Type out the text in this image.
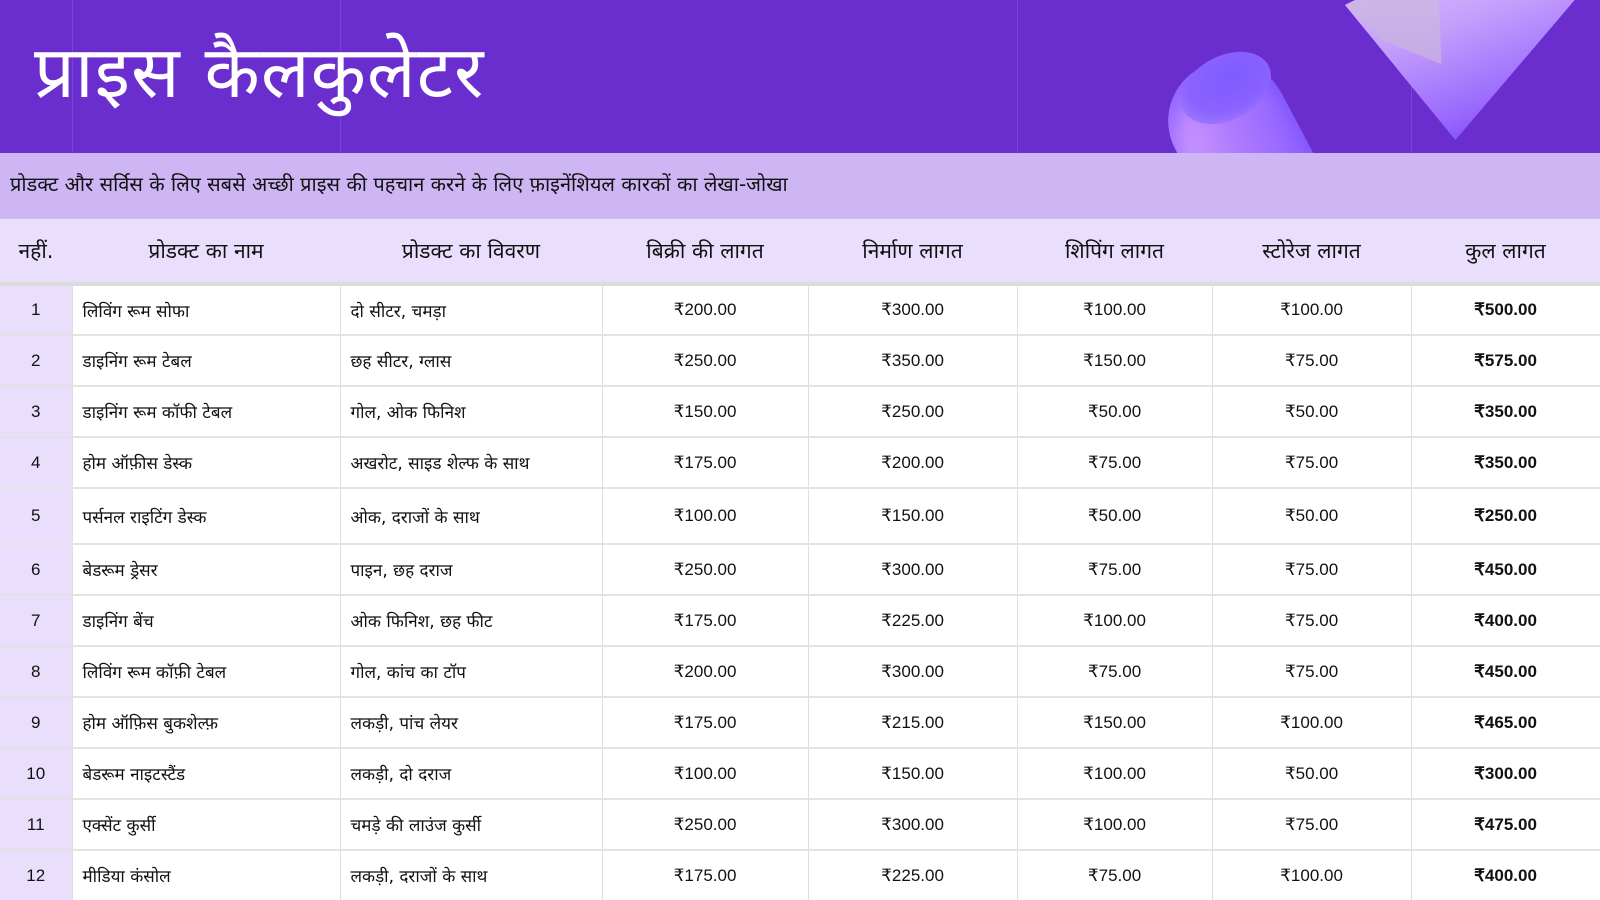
प्राइस कैलकुलेटर
प्रोडक्ट और सर्विस के लिए सबसे अच्छी प्राइस की पहचान करने के लिए फ़ाइनेंशियल कारकों का लेखा-जोखा
नहीं.	प्रोडक्ट का नाम	प्रोडक्ट का विवरण	बिक्री की लागत	निर्माण लागत	शिपिंग लागत	स्टोरेज लागत	कुल लागत
1	लिविंग रूम सोफा	दो सीटर, चमड़ा	₹200.00	₹300.00	₹100.00	₹100.00	₹500.00
2	डाइनिंग रूम टेबल	छह सीटर, ग्लास	₹250.00	₹350.00	₹150.00	₹75.00	₹575.00
3	डाइनिंग रूम कॉफी टेबल	गोल, ओक फिनिश	₹150.00	₹250.00	₹50.00	₹50.00	₹350.00
4	होम ऑफ़ीस डेस्क	अखरोट, साइड शेल्फ के साथ	₹175.00	₹200.00	₹75.00	₹75.00	₹350.00
5	पर्सनल राइटिंग डेस्क	ओक, दराजों के साथ	₹100.00	₹150.00	₹50.00	₹50.00	₹250.00
6	बेडरूम ड्रेसर	पाइन, छह दराज	₹250.00	₹300.00	₹75.00	₹75.00	₹450.00
7	डाइनिंग बेंच	ओक फिनिश, छह फीट	₹175.00	₹225.00	₹100.00	₹75.00	₹400.00
8	लिविंग रूम कॉफ़ी टेबल	गोल, कांच का टॉप	₹200.00	₹300.00	₹75.00	₹75.00	₹450.00
9	होम ऑफ़िस बुकशेल्फ़	लकड़ी, पांच लेयर	₹175.00	₹215.00	₹150.00	₹100.00	₹465.00
10	बेडरूम नाइटस्टैंड	लकड़ी, दो दराज	₹100.00	₹150.00	₹100.00	₹50.00	₹300.00
11	एक्सेंट कुर्सी	चमड़े की लाउंज कुर्सी	₹250.00	₹300.00	₹100.00	₹75.00	₹475.00
12	मीडिया कंसोल	लकड़ी, दराजों के साथ	₹175.00	₹225.00	₹75.00	₹100.00	₹400.00
